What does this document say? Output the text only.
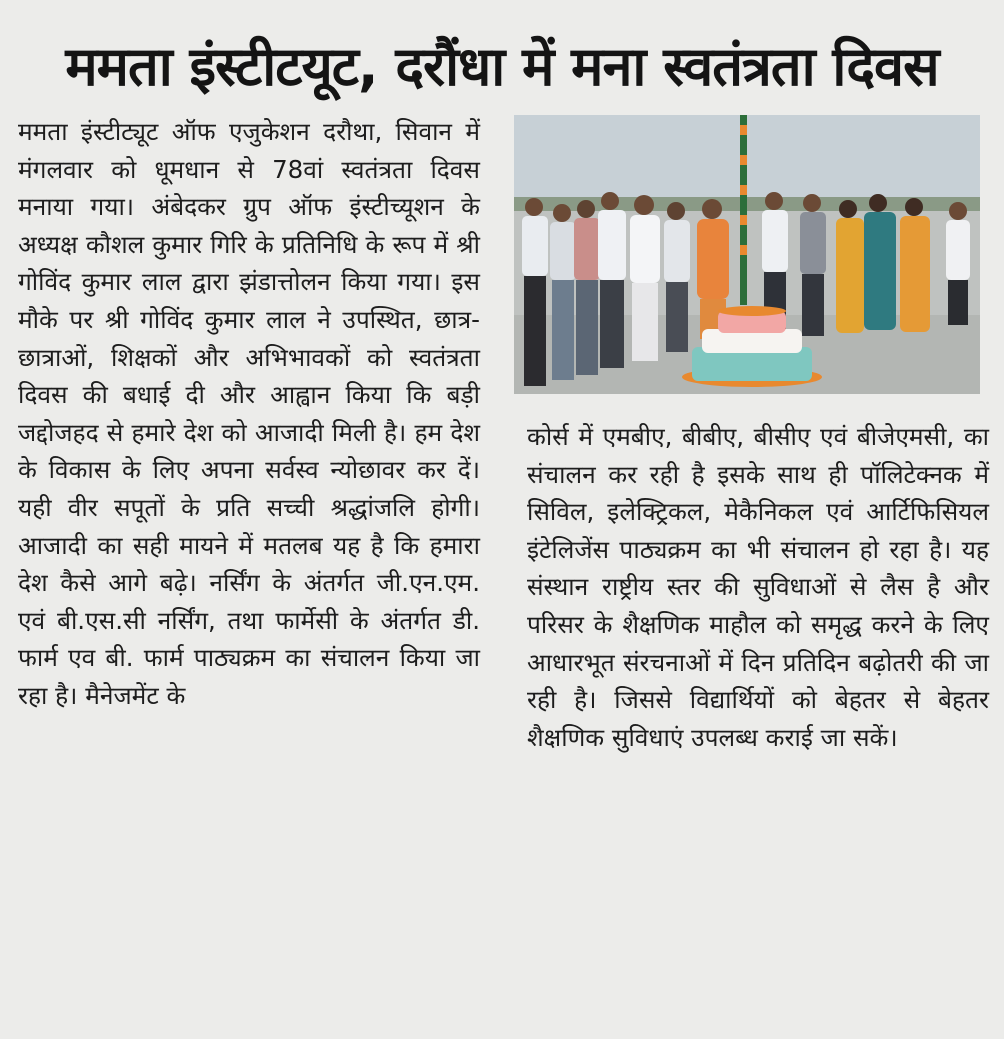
ममता इंस्टीटयूट, दरौंधा में मना स्वतंत्रता दिवस

ममता इंस्टीट्यूट ऑफ एजुकेशन दरौथा, सिवान में मंगलवार को धूमधान से 78वां स्वतंत्रता दिवस मनाया गया। अंबेदकर ग्रुप ऑफ इंस्टीच्यूशन के अध्यक्ष कौशल कुमार गिरि के प्रतिनिधि के रूप में श्री गोविंद कुमार लाल द्वारा झंडात्तोलन किया गया। इस मौके पर श्री गोविंद कुमार लाल ने उपस्थित, छात्र-छात्राओं, शिक्षकों और अभिभावकों को स्वतंत्रता दिवस की बधाई दी और आह्वान किया कि बड़ी जद्दोजहद से हमारे देश को आजादी मिली है। हम देश के विकास के लिए अपना सर्वस्व न्योछावर कर दें। यही वीर सपूतों के प्रति सच्ची श्रद्धांजलि होगी। आजादी का सही मायने में मतलब यह है कि हमारा देश कैसे आगे बढ़े। नर्सिंग के अंतर्गत जी.एन.एम. एवं बी.एस.सी नर्सिंग, तथा फार्मेसी के अंतर्गत डी. फार्म एव बी. फार्म पाठ्यक्रम का संचालन किया जा रहा है। मैनेजमेंट के

कोर्स में एमबीए, बीबीए, बीसीए एवं बीजेएमसी, का संचालन कर रही है इसके साथ ही पॉलिटेक्नक में सिविल, इलेक्ट्रिकल, मेकैनिकल एवं आर्टिफिसियल इंटेलिजेंस पाठ्यक्रम का भी संचालन हो रहा है। यह संस्थान राष्ट्रीय स्तर की सुविधाओं से लैस है और परिसर के शैक्षणिक माहौल को समृद्ध करने के लिए आधारभूत संरचनाओं में दिन प्रतिदिन बढ़ोतरी की जा रही है। जिससे विद्यार्थियों को बेहतर से बेहतर शैक्षणिक सुविधाएं उपलब्ध कराई जा सकें।
